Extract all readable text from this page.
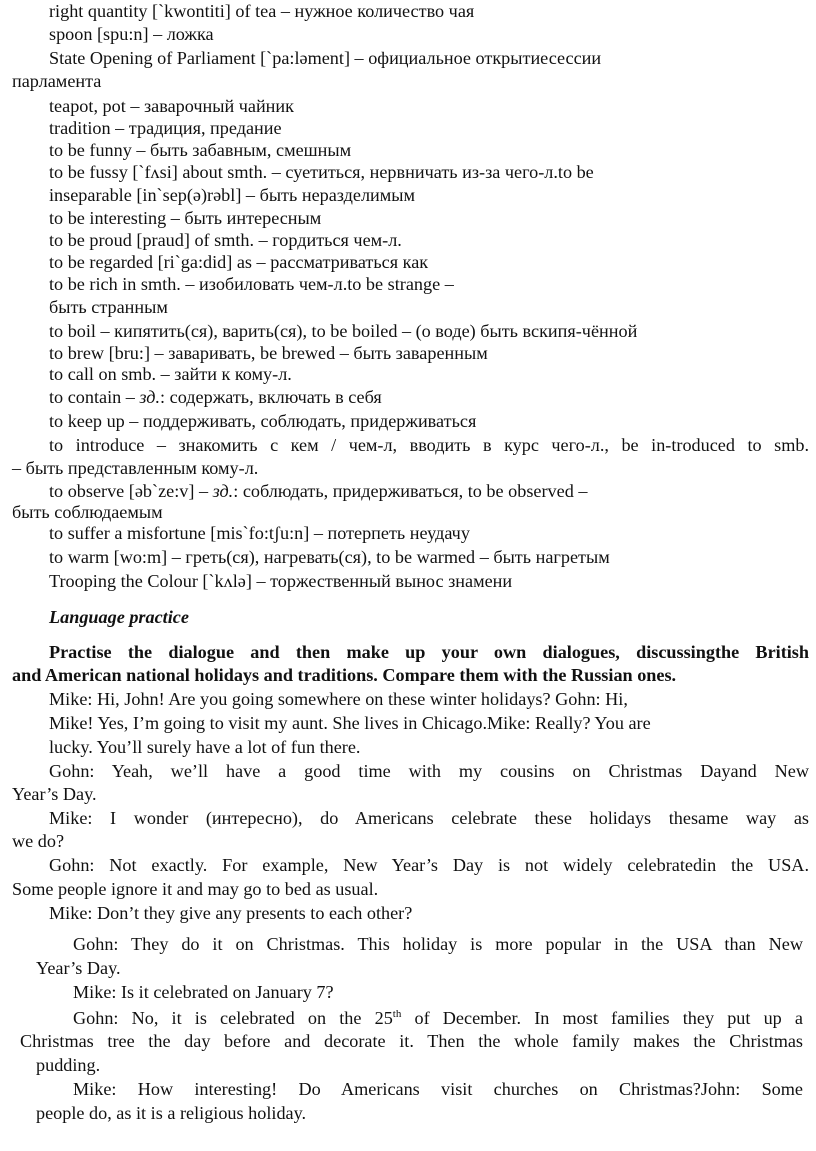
right quantity [`kwontiti] of tea – нужное количество чая
spoon [spu:n] – ложка
State Opening of Parliament [`pa:ləment] – официальное открытиесессии
парламента
teapot, pot – заварочный чайник
tradition – традиция, предание
to be funny – быть забавным, смешным
to be fussy [`fʌsi] about smth. – суетиться, нервничать из-за чего-л.to be
inseparable [in`sep(ə)rəbl] – быть неразделимым
to be interesting – быть интересным
to be proud [praud] of smth. – гордиться чем-л.
to be regarded [ri`ga:did] as – рассматриваться как
to be rich in smth. – изобиловать чем-л.to be strange –
быть странным
to boil – кипятить(ся), варить(ся), to be boiled – (о воде) быть вскипя-чённой
to brew [bru:] – заваривать, be brewed – быть заваренным
to call on smb. – зайти к кому-л.
to contain – зд.: содержать, включать в себя
to keep up – поддерживать, соблюдать, придерживаться
to introduce – знакомить с кем / чем-л, вводить в курс чего-л., be in-troduced to smb.
– быть представленным кому-л.
to observe [əb`ze:v] – зд.: соблюдать, придерживаться, to be observed –
быть соблюдаемым
to suffer a misfortune [mis`fo:tʃu:n] – потерпеть неудачу
to warm [wo:m] – греть(ся), нагревать(ся), to be warmed – быть нагретым
Trooping the Colour [`kʌlə] – торжественный вынос знамени
Language practice
Practise the dialogue and then make up your own dialogues, discussingthe British
and American national holidays and traditions. Compare them with the Russian ones.
Mike: Hi, John! Are you going somewhere on these winter holidays? Gohn: Hi,
Mike! Yes, I’m going to visit my aunt. She lives in Chicago.Mike: Really? You are
lucky. You’ll surely have a lot of fun there.
Gohn: Yeah, we’ll have a good time with my cousins on Christmas Dayand New
Year’s Day.
Mike: I wonder (интересно), do Americans celebrate these holidays thesame way as
we do?
Gohn: Not exactly. For example, New Year’s Day is not widely celebratedin the USA.
Some people ignore it and may go to bed as usual.
Mike: Don’t they give any presents to each other?
Gohn: They do it on Christmas. This holiday is more popular in the USA than New
Year’s Day.
Mike: Is it celebrated on January 7?
Gohn: No, it is celebrated on the 25th of December. In most families they put up a
Christmas tree the day before and decorate it. Then the whole family makes the Christmas
pudding.
Mike: How interesting! Do Americans visit churches on Christmas?John: Some
people do, as it is a religious holiday.
